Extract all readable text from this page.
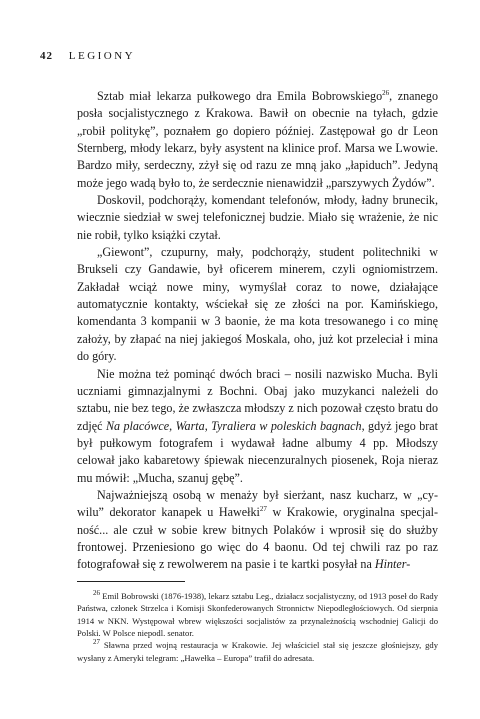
42 LEGIONY

Sztab miał lekarza pułkowego dra Emila Bobrowskiego$^{26}$, znanego posła socjalistycznego z Krakowa. Bawił on obecnie na tyłach, gdzie „robił politykę”, poznałem go dopiero później. Zastępował go dr Leon Sternberg, młody lekarz, były asystent na klinice prof. Marsa we Lwowie. Bardzo miły, serdeczny, zżył się od razu ze mną jako „łapiduch”. Jedyną może jego wadą było to, że serdecznie nienawidził „parszywych Żydów”.

Doskovil, podchorąży, komendant telefonów, młody, ładny brunecik, wiecznie siedział w swej telefonicznej budzie. Miało się wrażenie, że nic nie robił, tylko książki czytał.

„Giewont”, czupurny, mały, podchorąży, student politechniki w Brukseli czy Gandawie, był oficerem minerem, czyli ogniomistrzem. Zakładał wciąż nowe miny, wymyślał coraz to nowe, działające automatycznie kontakty, wściekał się ze złości na por. Kamińskiego, komendanta 3 kompanii w 3 baonie, że ma kota tresowanego i co minę założy, by złapać na niej jakiegoś Moskala, oho, już kot przeleciał i mina do góry.

Nie można też pominąć dwóch braci – nosili nazwisko Mucha. Byli uczniami gimnazjalnymi z Bochni. Obaj jako muzykanci należeli do sztabu, nie bez tego, że zwłaszcza młodszy z nich pozował często bratu do zdjęć Na placówce, Warta, Tyraliera w poleskich bagnach, gdyż jego brat był pułkowym fotografem i wydawał ładne albumy 4 pp. Młodszy celował jako kabaretowy śpiewak niecenzuralnych piosenek, Roja nieraz mu mówił: „Mucha, szanuj gębę”.

Najważniejszą osobą w menaży był sierżant, nasz kucharz, w „cywilu” dekorator kanapek u Hawełki$^{27}$ w Krakowie, oryginalna specjalność... ale czuł w sobie krew bitnych Polaków i wprosił się do służby frontowej. Przeniesiono go więc do 4 baonu. Od tej chwili raz po raz fotografował się z rewolwerem na pasie i te kartki posyłał na Hinter-

$^{26}$ Emil Bobrowski (1876-1938), lekarz sztabu Leg., działacz socjalistyczny, od 1913 poseł do Rady Państwa, członek Strzelca i Komisji Skonfederowanych Stronnictw Niepodległościowych. Od sierpnia 1914 w NKN. Występował wbrew większości socjalistów za przynależnością wschodniej Galicji do Polski. W Polsce niepodl. senator.

$^{27}$ Sławna przed wojną restauracja w Krakowie. Jej właściciel stał się jeszcze głośniejszy, gdy wysłany z Ameryki telegram: „Hawełka – Europa” trafił do adresata.
